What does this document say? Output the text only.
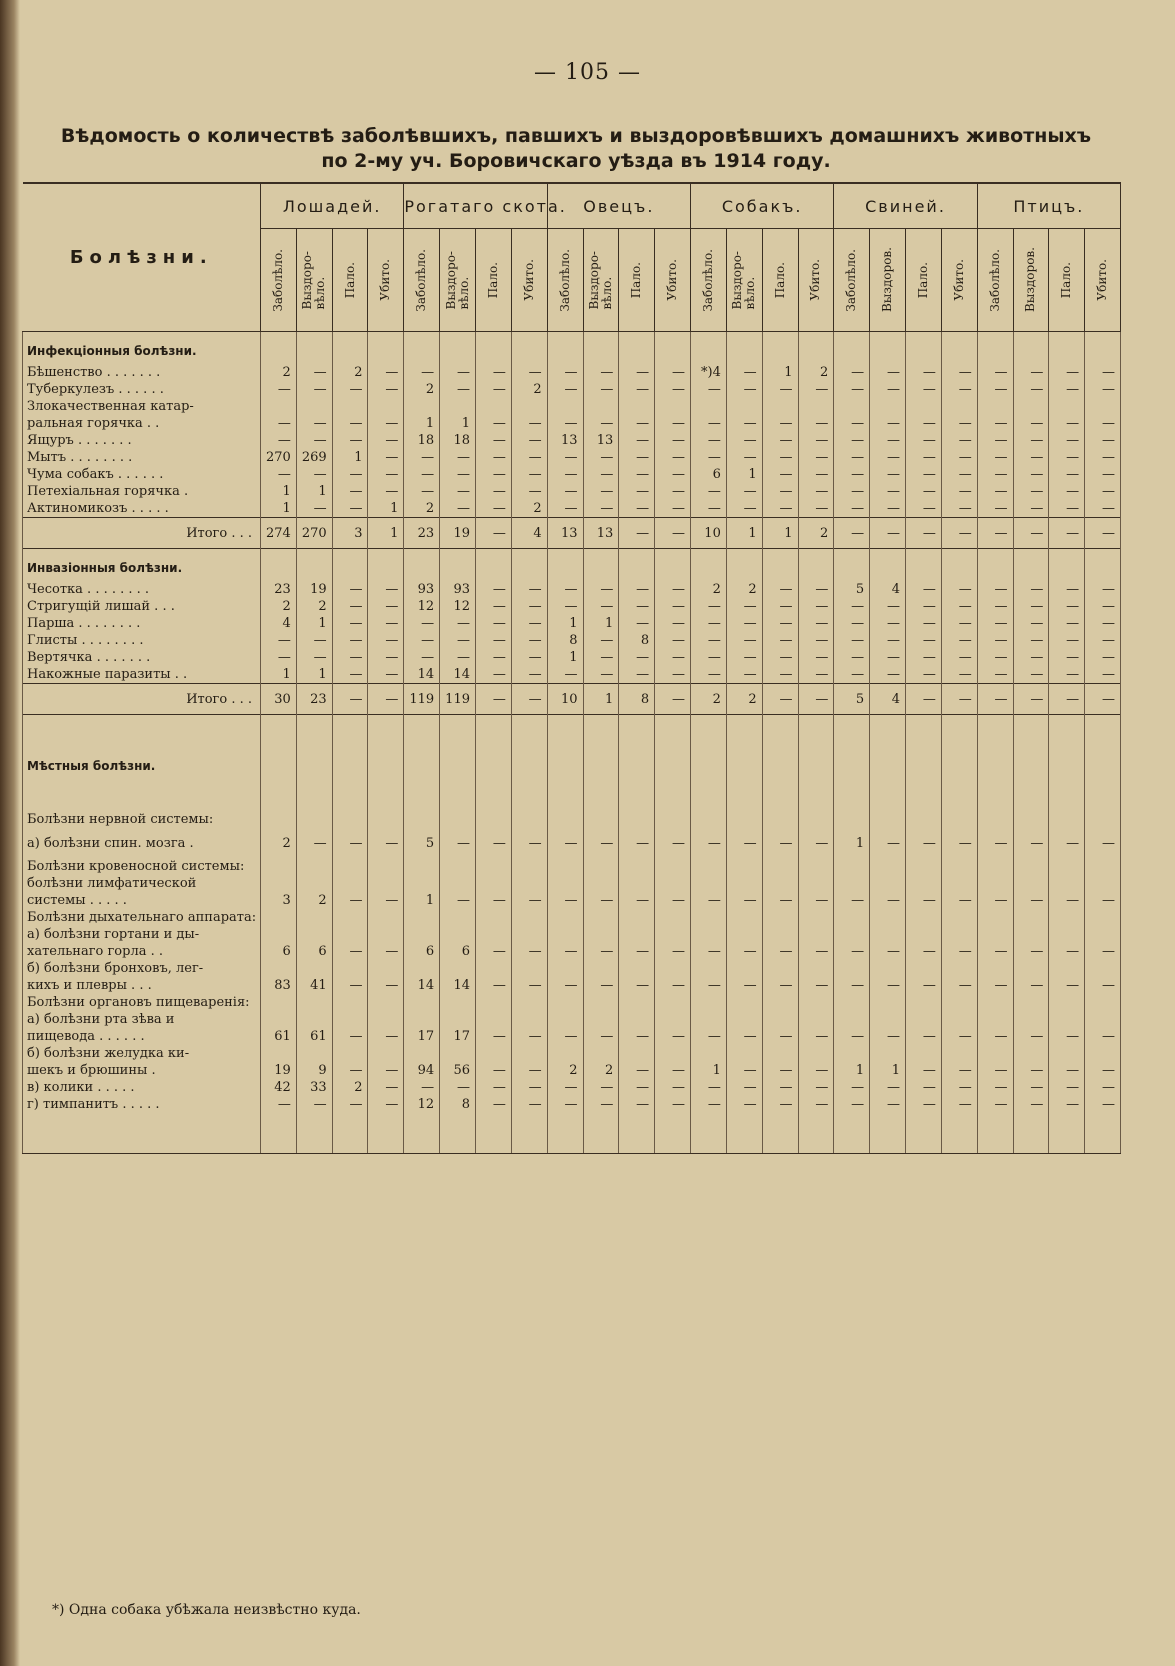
— 105 —
Вѣдомость о количествѣ заболѣвшихъ, павшихъ и выздоровѣвшихъ домашнихъ животныхъ
по 2-му уч. Боровичскаго уѣзда въ 1914 году.
Болѣзни.	Лошадей.				Рогатаго скота.				Овецъ.				Собакъ.				Свиней.				Птицъ.			

	Заболѣло.	Выздоро-
вѣло.	Пало.	Убито.	Заболѣло.	Выздоро-
вѣло.	Пало.	Убито.	Заболѣло.	Выздоро-
вѣло.	Пало.	Убито.	Заболѣло.	Выздоро-
вѣло.	Пало.	Убито.	Заболѣло.	Выздоров.	Пало.	Убито.	Заболѣло.	Выздоров.	Пало.	Убито.

Инфекціонныя болѣзни.																								
Бѣшенство . . . . . . .	2	—	2	—	—	—	—	—	—	—	—	—	*)4	—	1	2	—	—	—	—	—	—	—	—
Туберкулезъ . . . . . .	—	—	—	—	2	—	—	2	—	—	—	—	—	—	—	—	—	—	—	—	—	—	—	—
Злокачественная катар-																								
ральная горячка . .	—	—	—	—	1	1	—	—	—	—	—	—	—	—	—	—	—	—	—	—	—	—	—	—
Ящуръ . . . . . . .	—	—	—	—	18	18	—	—	13	13	—	—	—	—	—	—	—	—	—	—	—	—	—	—
Мытъ . . . . . . . .	270	269	1	—	—	—	—	—	—	—	—	—	—	—	—	—	—	—	—	—	—	—	—	—
Чума собакъ . . . . . .	—	—	—	—	—	—	—	—	—	—	—	—	6	1	—	—	—	—	—	—	—	—	—	—
Петехіальная горячка .	1	1	—	—	—	—	—	—	—	—	—	—	—	—	—	—	—	—	—	—	—	—	—	—
Актиномикозъ . . . . .	1	—	—	1	2	—	—	2	—	—	—	—	—	—	—	—	—	—	—	—	—	—	—	—
Итого . . .	274	270	3	1	23	19	—	4	13	13	—	—	10	1	1	2	—	—	—	—	—	—	—	—
Инвазіонныя болѣзни.																								
Чесотка . . . . . . . .	23	19	—	—	93	93	—	—	—	—	—	—	2	2	—	—	5	4	—	—	—	—	—	—
Стригущій лишай . . .	2	2	—	—	12	12	—	—	—	—	—	—	—	—	—	—	—	—	—	—	—	—	—	—
Парша . . . . . . . .	4	1	—	—	—	—	—	—	1	1	—	—	—	—	—	—	—	—	—	—	—	—	—	—
Глисты . . . . . . . .	—	—	—	—	—	—	—	—	8	—	8	—	—	—	—	—	—	—	—	—	—	—	—	—
Вертячка . . . . . . .	—	—	—	—	—	—	—	—	1	—	—	—	—	—	—	—	—	—	—	—	—	—	—	—
Накожные паразиты . .	1	1	—	—	14	14	—	—	—	—	—	—	—	—	—	—	—	—	—	—	—	—	—	—
Итого . . .	30	23	—	—	119	119	—	—	10	1	8	—	2	2	—	—	5	4	—	—	—	—	—	—

Мѣстныя болѣзни.																								

Болѣзни нервной системы:																								
а) болѣзни спин. мозга .	2	—	—	—	5	—	—	—	—	—	—	—	—	—	—	—	1	—	—	—	—	—	—	—
Болѣзни кровеносной системы:																								
болѣзни лимфатической																								
системы . . . . .	3	2	—	—	1	—	—	—	—	—	—	—	—	—	—	—	—	—	—	—	—	—	—	—
Болѣзни дыхательнаго аппарата:																								
а) болѣзни гортани и ды-																								
хательнаго горла . .	6	6	—	—	6	6	—	—	—	—	—	—	—	—	—	—	—	—	—	—	—	—	—	—
б) болѣзни бронховъ, лег-																								
кихъ и плевры . . .	83	41	—	—	14	14	—	—	—	—	—	—	—	—	—	—	—	—	—	—	—	—	—	—
Болѣзни органовъ пищеваренія:																								
а) болѣзни рта зѣва и																								
пищевода . . . . . .	61	61	—	—	17	17	—	—	—	—	—	—	—	—	—	—	—	—	—	—	—	—	—	—
б) болѣзни желудка ки-																								
шекъ и брюшины .	19	9	—	—	94	56	—	—	2	2	—	—	1	—	—	—	1	1	—	—	—	—	—	—
в) колики . . . . .	42	33	2	—	—	—	—	—	—	—	—	—	—	—	—	—	—	—	—	—	—	—	—	—
г) тимпанитъ . . . . .	—	—	—	—	12	8	—	—	—	—	—	—	—	—	—	—	—	—	—	—	—	—	—	—

*) Одна собака убѣжала неизвѣстно куда.
